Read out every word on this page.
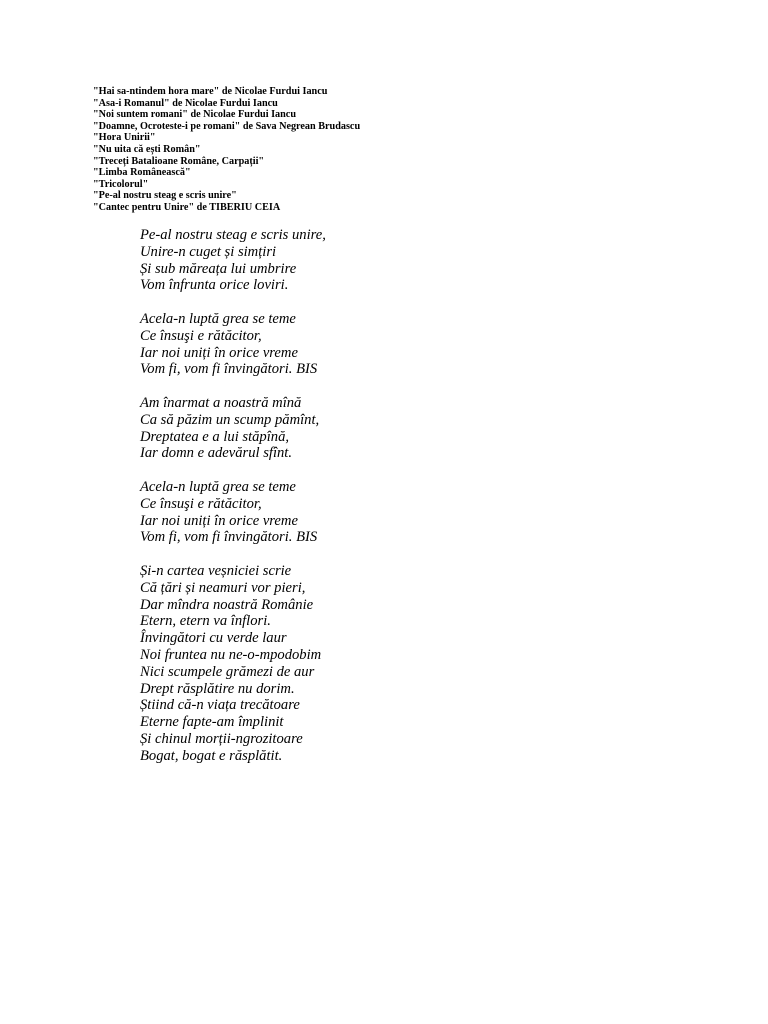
"Hai sa-ntindem hora mare" de Nicolae Furdui Iancu
"Asa-i Romanul" de Nicolae Furdui Iancu
"Noi suntem romani" de Nicolae Furdui Iancu
"Doamne, Ocroteste-i pe romani" de Sava Negrean Brudascu
"Hora Unirii"
"Nu uita că ești Român"
"Treceți Batalioane Române, Carpații"
"Limba Românească"
"Tricolorul"
"Pe-al nostru steag e scris unire"
"Cantec pentru Unire" de TIBERIU CEIA

Pe-al nostru steag e scris unire,
Unire-n cuget și simțiri
Și sub măreața lui umbrire
Vom înfrunta orice loviri.

Acela-n luptă grea se teme
Ce însuşi e rătăcitor,
Iar noi uniți în orice vreme
Vom fi, vom fi învingători. BIS

Am înarmat a noastră mînă
Ca să păzim un scump pămînt,
Dreptatea e a lui stăpînă,
Iar domn e adevărul sfînt.

Acela-n luptă grea se teme
Ce însuşi e rătăcitor,
Iar noi uniți în orice vreme
Vom fi, vom fi învingători. BIS

Și-n cartea veșniciei scrie
Că țări și neamuri vor pieri,
Dar mîndra noastră Românie
Etern, etern va înflori.
Învingători cu verde laur
Noi fruntea nu ne-o-mpodobim
Nici scumpele grămezi de aur
Drept răsplătire nu dorim.
Știind că-n viața trecătoare
Eterne fapte-am împlinit
Și chinul morții-ngrozitoare
Bogat, bogat e răsplătit.
